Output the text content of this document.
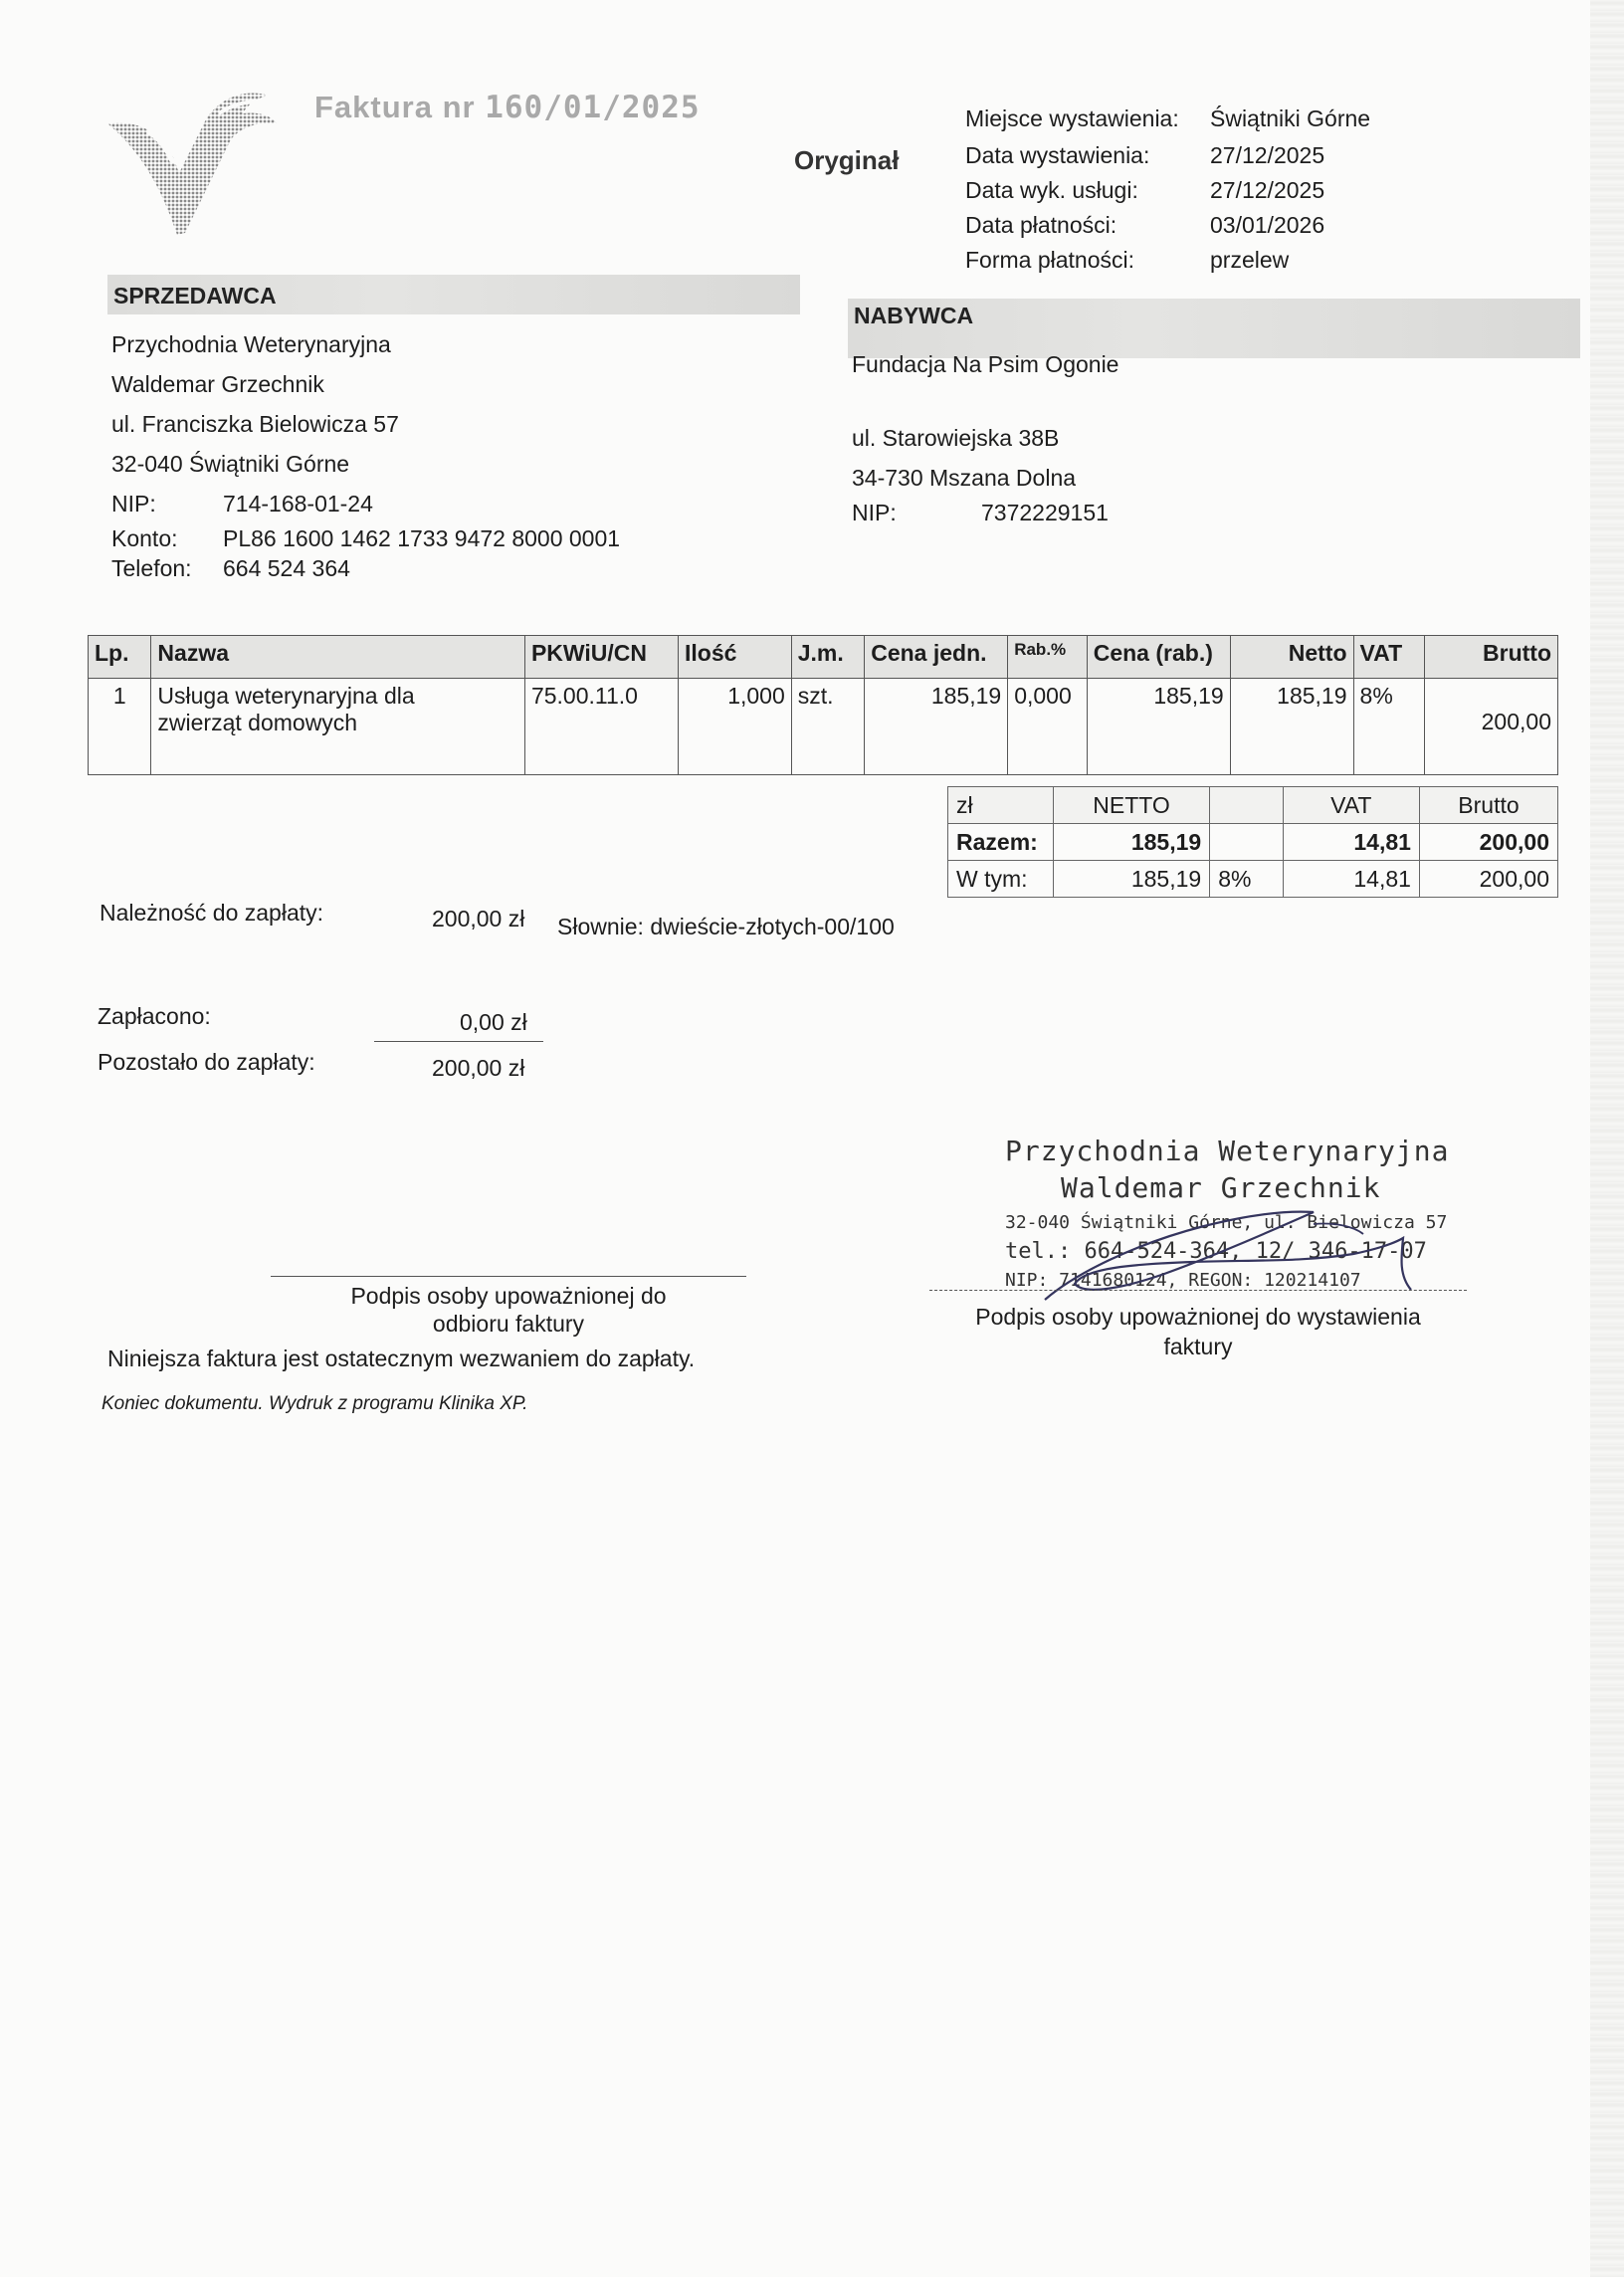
Faktura nr 160/01/2025
Oryginał
Miejsce wystawienia:	Świątniki Górne
Data wystawienia:	27/12/2025
Data wyk. usługi:	27/12/2025
Data płatności:	03/01/2026
Forma płatności:	przelew
SPRZEDAWCA
Przychodnia Weterynaryjna
Waldemar Grzechnik
ul. Franciszka Bielowicza 57
32-040 Świątniki Górne
NIP:	714-168-01-24
Konto:	PL86 1600 1462 1733 9472 8000 0001
Telefon:	664 524 364
NABYWCA
Fundacja Na Psim Ogonie
ul. Starowiejska 38B
34-730 Mszana Dolna
NIP:	7372229151
Lp.	Nazwa	PKWiU/CN	Ilość	J.m.	Cena jedn.	Rab.%	Cena (rab.)	Netto	VAT	Brutto
1	Usługa weterynaryjna dla
zwierząt domowych	75.00.11.0	1,000	szt.	185,19	0,000	185,19	185,19	8%	200,00
zł	NETTO		VAT	Brutto
Razem:	185,19		14,81	200,00
W tym:	185,19	8%	14,81	200,00
Należność do zapłaty:	200,00 zł Słownie: dwieście-złotych-00/100
Zapłacono:	0,00 zł
Pozostało do zapłaty:	200,00 zł
Przychodnia Weterynaryjna
Waldemar Grzechnik
32-040 Świątniki Górne, ul. Bielowicza 57
tel.: 664-524-364, 12/ 346-17-07
NIP: 7141680124, REGON: 120214107
Podpis osoby upoważnionej do
odbioru faktury
Niniejsza faktura jest ostatecznym wezwaniem do zapłaty.
Podpis osoby upoważnionej do wystawienia
faktury
Koniec dokumentu. Wydruk z programu Klinika XP.
